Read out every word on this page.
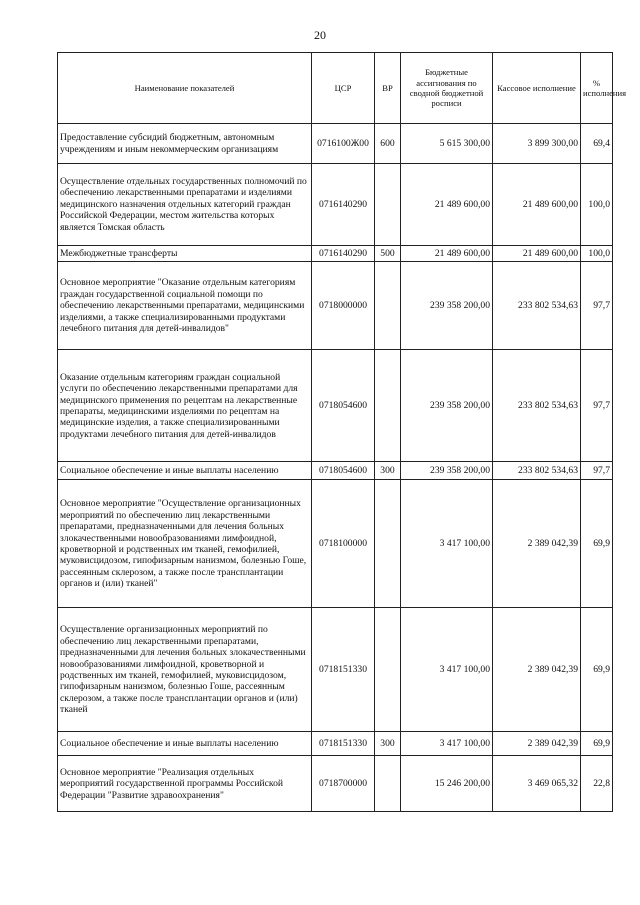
20
Наименование показателей	ЦСР	ВР	Бюджетные ассигнования по сводной бюджетной росписи	Кассовое исполнение	% исполнения
Предоставление субсидий бюджетным, автономным учреждениям и иным некоммерческим организациям	0716100Ж00	600	5 615 300,00	3 899 300,00	69,4
Осуществление отдельных государственных полномочий по обеспечению лекарственными препаратами и изделиями медицинского назначения отдельных категорий граждан Российской Федерации, местом жительства которых является Томская область	0716140290		21 489 600,00	21 489 600,00	100,0
Межбюджетные трансферты	0716140290	500	21 489 600,00	21 489 600,00	100,0
Основное мероприятие "Оказание отдельным категориям граждан государственной социальной помощи по обеспечению лекарственными препаратами, медицинскими изделиями, а также специализированными продуктами лечебного питания для детей-инвалидов"	0718000000		239 358 200,00	233 802 534,63	97,7
Оказание отдельным категориям граждан социальной услуги по обеспечению лекарственными препаратами для медицинского применения по рецептам на лекарственные препараты, медицинскими изделиями по рецептам на медицинские изделия, а также специализированными продуктами лечебного питания для детей-инвалидов	0718054600		239 358 200,00	233 802 534,63	97,7
Социальное обеспечение и иные выплаты населению	0718054600	300	239 358 200,00	233 802 534,63	97,7
Основное мероприятие "Осуществление организационных мероприятий по обеспечению лиц лекарственными препаратами, предназначенными для лечения больных злокачественными новообразованиями лимфоидной, кроветворной и родственных им тканей, гемофилией, муковисцидозом, гипофизарным нанизмом, болезнью Гоше, рассеянным склерозом, а также после трансплантации органов и (или) тканей"	0718100000		3 417 100,00	2 389 042,39	69,9
Осуществление организационных мероприятий по обеспечению лиц лекарственными препаратами, предназначенными для лечения больных злокачественными новообразованиями лимфоидной, кроветворной и родственных им тканей, гемофилией, муковисцидозом, гипофизарным нанизмом, болезнью Гоше, рассеянным склерозом, а также после трансплантации органов и (или) тканей	0718151330		3 417 100,00	2 389 042,39	69,9
Социальное обеспечение и иные выплаты населению	0718151330	300	3 417 100,00	2 389 042,39	69,9
Основное мероприятие "Реализация отдельных мероприятий государственной программы Российской Федерации "Развитие здравоохранения"	0718700000		15 246 200,00	3 469 065,32	22,8
